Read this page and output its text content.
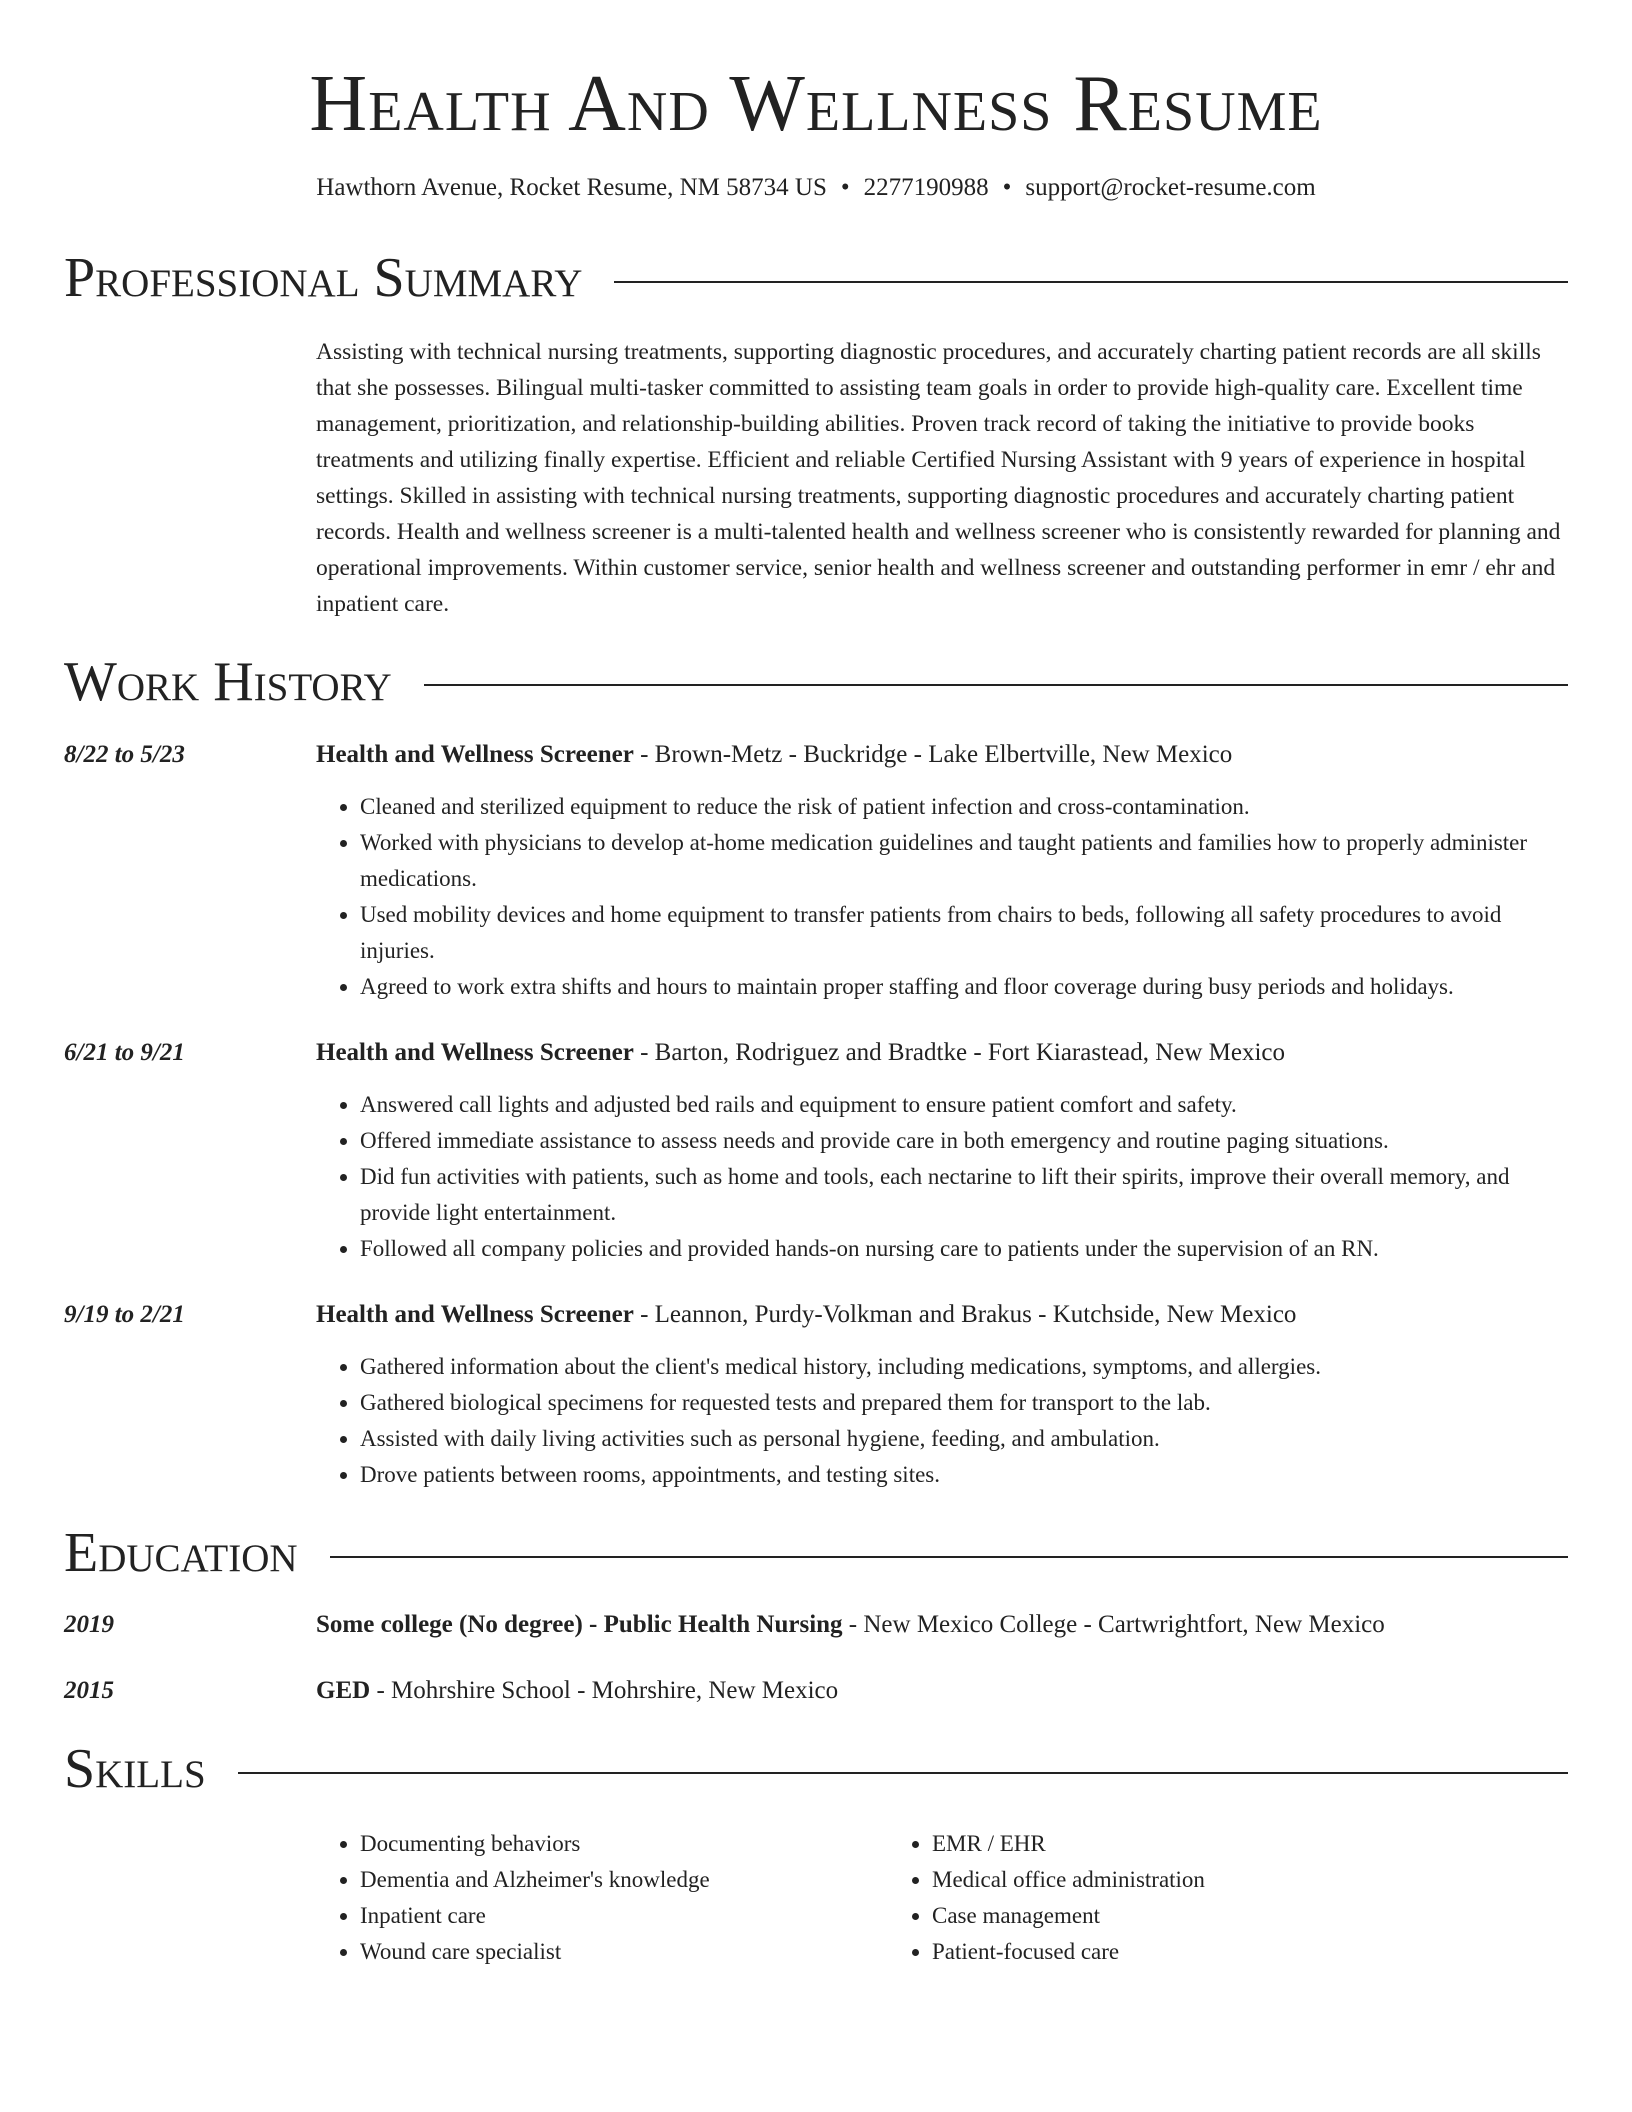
Health And Wellness Resume
Hawthorn Avenue, Rocket Resume, NM 58734 US • 2277190988 • support@rocket-resume.com
Professional Summary
Assisting with technical nursing treatments, supporting diagnostic procedures, and accurately charting patient records are all skills that she possesses. Bilingual multi-tasker committed to assisting team goals in order to provide high-quality care. Excellent time management, prioritization, and relationship-building abilities. Proven track record of taking the initiative to provide books treatments and utilizing finally expertise. Efficient and reliable Certified Nursing Assistant with 9 years of experience in hospital settings. Skilled in assisting with technical nursing treatments, supporting diagnostic procedures and accurately charting patient records. Health and wellness screener is a multi-talented health and wellness screener who is consistently rewarded for planning and operational improvements. Within customer service, senior health and wellness screener and outstanding performer in emr / ehr and inpatient care.
Work History
8/22 to 5/23	Health and Wellness Screener - Brown-Metz - Buckridge - Lake Elbertville, New Mexico
• Cleaned and sterilized equipment to reduce the risk of patient infection and cross-contamination.
• Worked with physicians to develop at-home medication guidelines and taught patients and families how to properly administer medications.
• Used mobility devices and home equipment to transfer patients from chairs to beds, following all safety procedures to avoid injuries.
• Agreed to work extra shifts and hours to maintain proper staffing and floor coverage during busy periods and holidays.
6/21 to 9/21	Health and Wellness Screener - Barton, Rodriguez and Bradtke - Fort Kiarastead, New Mexico
• Answered call lights and adjusted bed rails and equipment to ensure patient comfort and safety.
• Offered immediate assistance to assess needs and provide care in both emergency and routine paging situations.
• Did fun activities with patients, such as home and tools, each nectarine to lift their spirits, improve their overall memory, and provide light entertainment.
• Followed all company policies and provided hands-on nursing care to patients under the supervision of an RN.
9/19 to 2/21	Health and Wellness Screener - Leannon, Purdy-Volkman and Brakus - Kutchside, New Mexico
• Gathered information about the client's medical history, including medications, symptoms, and allergies.
• Gathered biological specimens for requested tests and prepared them for transport to the lab.
• Assisted with daily living activities such as personal hygiene, feeding, and ambulation.
• Drove patients between rooms, appointments, and testing sites.
Education
2019	Some college (No degree) - Public Health Nursing - New Mexico College - Cartwrightfort, New Mexico
2015	GED - Mohrshire School - Mohrshire, New Mexico
Skills
• Documenting behaviors
• Dementia and Alzheimer's knowledge
• Inpatient care
• Wound care specialist
• EMR / EHR
• Medical office administration
• Case management
• Patient-focused care
